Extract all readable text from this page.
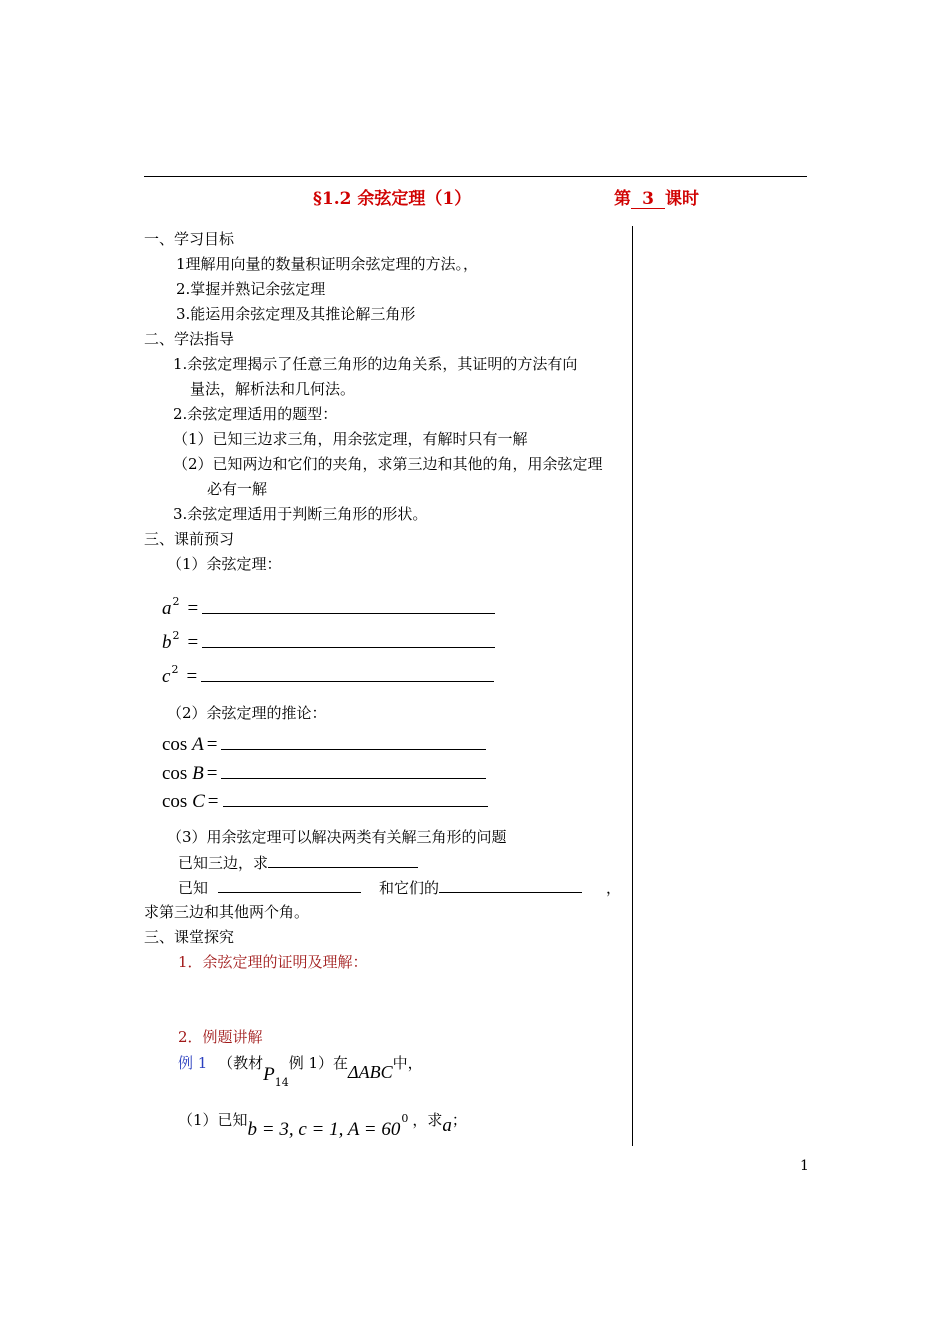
§1.2 余弦定理（1）	第 3 课时
一、学习目标
1理解用向量的数量积证明余弦定理的方法。，
2.掌握并熟记余弦定理
3.能运用余弦定理及其推论解三角形
二、学法指导
1.余弦定理揭示了任意三角形的边角关系，其证明的方法有向
量法，解析法和几何法。
2.余弦定理适用的题型：
（1）已知三边求三角，用余弦定理，有解时只有一解
（2）已知两边和它们的夹角，求第三边和其他的角，用余弦定理
必有一解
3.余弦定理适用于判断三角形的形状。
三、课前预习
（1）余弦定理：
$a^2$ =
$b^2$ =
$c^2$ =
（2）余弦定理的推论：
cos A =
cos B =
cos C =
（3）用余弦定理可以解决两类有关解三角形的问题
已知三边，求
已知	和它们的	，
求第三边和其他两个角。
三、课堂探究
1．余弦定理的证明及理解：
2．例题讲解
例 1 （教材$P_{14}$例 1）在ΔABC中，
（1）已知b = 3, c = 1, $A = 60^0$ ，求a；
1
